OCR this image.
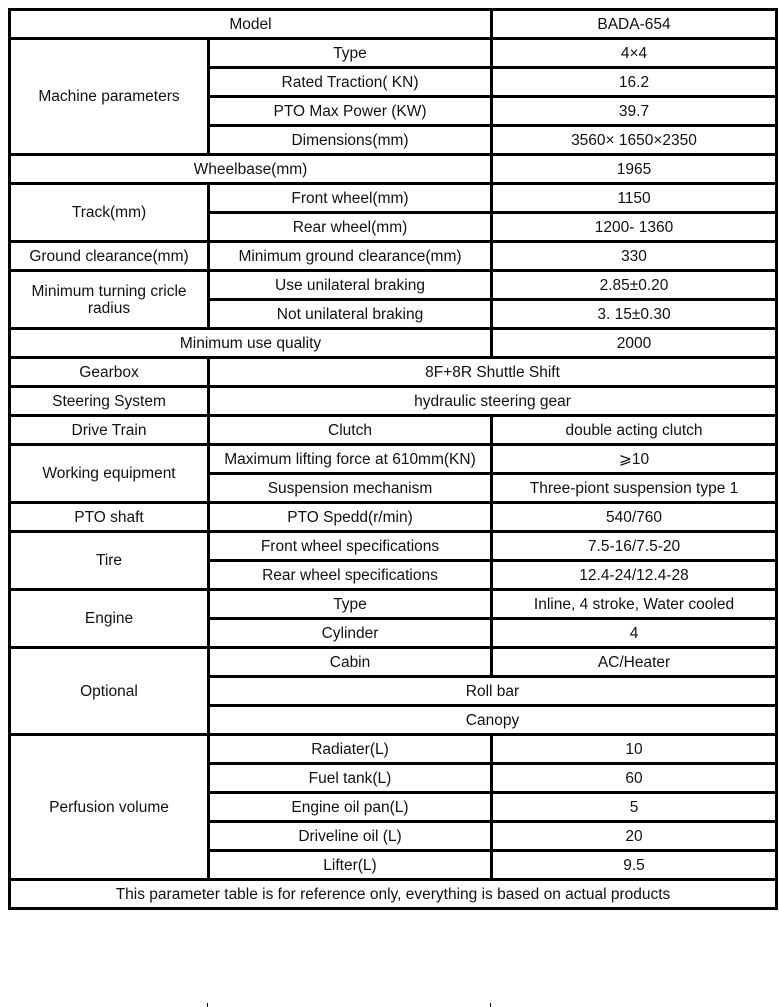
Model		BADA-654
Machine parameters	Type	4×4
	Rated Traction( KN)	16.2
	PTO Max Power (KW)	39.7
	Dimensions(mm)	3560× 1650×2350
Wheelbase(mm)		1965
Track(mm)	Front wheel(mm)	1150
	Rear wheel(mm)	1200- 1360
Ground clearance(mm)	Minimum ground clearance(mm)	330
Minimum turning cricle radius	Use unilateral braking	2.85±0.20
	Not unilateral braking	3. 15±0.30
Minimum use quality		2000
Gearbox	8F+8R Shuttle Shift	
Steering System	hydraulic steering gear	
Drive Train	Clutch	double acting clutch
Working equipment	Maximum lifting force at 610mm(KN)	⩾10
	Suspension mechanism	Three-piont suspension type 1
PTO shaft	PTO Spedd(r/min)	540/760
Tire	Front wheel specifications	7.5-16/7.5-20
	Rear wheel specifications	12.4-24/12.4-28
Engine	Type	Inline, 4 stroke, Water cooled
	Cylinder	4
Optional	Cabin	AC/Heater
	Roll bar	
	Canopy	
Perfusion volume	Radiater(L)	10
	Fuel tank(L)	60
	Engine oil pan(L)	5
	Driveline oil (L)	20
	Lifter(L)	9.5
This parameter table is for reference only, everything is based on actual products		
